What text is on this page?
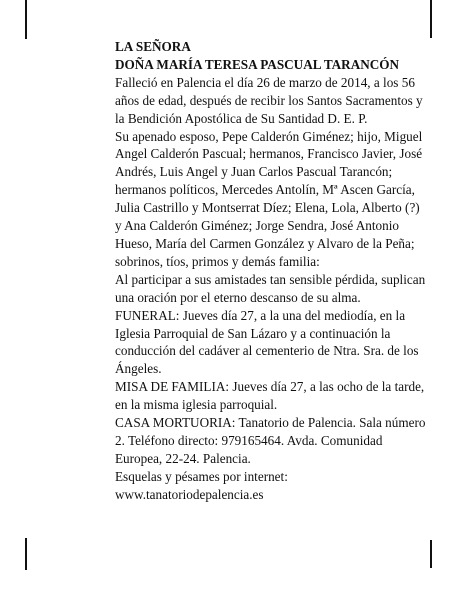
LA SEÑORA

DOÑA MARÍA TERESA PASCUAL TARANCÓN

Falleció en Palencia el día 26 de marzo de 2014, a los 56 años de edad, después de recibir los Santos Sacramentos y la Bendición Apostólica de Su Santidad D. E. P.

Su apenado esposo, Pepe Calderón Giménez; hijo, Miguel Angel Calderón Pascual; hermanos, Francisco Javier, José Andrés, Luis Angel y Juan Carlos Pascual Tarancón; hermanos políticos, Mercedes Antolín, Mª Ascen García, Julia Castrillo y Montserrat Díez; Elena, Lola, Alberto (?) y Ana Calderón Giménez; Jorge Sendra, José Antonio Hueso, María del Carmen González y Alvaro de la Peña; sobrinos, tíos, primos y demás familia:

Al participar a sus amistades tan sensible pérdida, suplican una oración por el eterno descanso de su alma.

FUNERAL: Jueves día 27, a la una del mediodía, en la Iglesia Parroquial de San Lázaro y a continuación la conducción del cadáver al cementerio de Ntra. Sra. de los Ángeles.

MISA DE FAMILIA: Jueves día 27, a las ocho de la tarde, en la misma iglesia parroquial.

CASA MORTUORIA: Tanatorio de Palencia. Sala número 2. Teléfono directo: 979165464. Avda. Comunidad Europea, 22-24. Palencia.

Esquelas y pésames por internet:

www.tanatoriodepalencia.es
